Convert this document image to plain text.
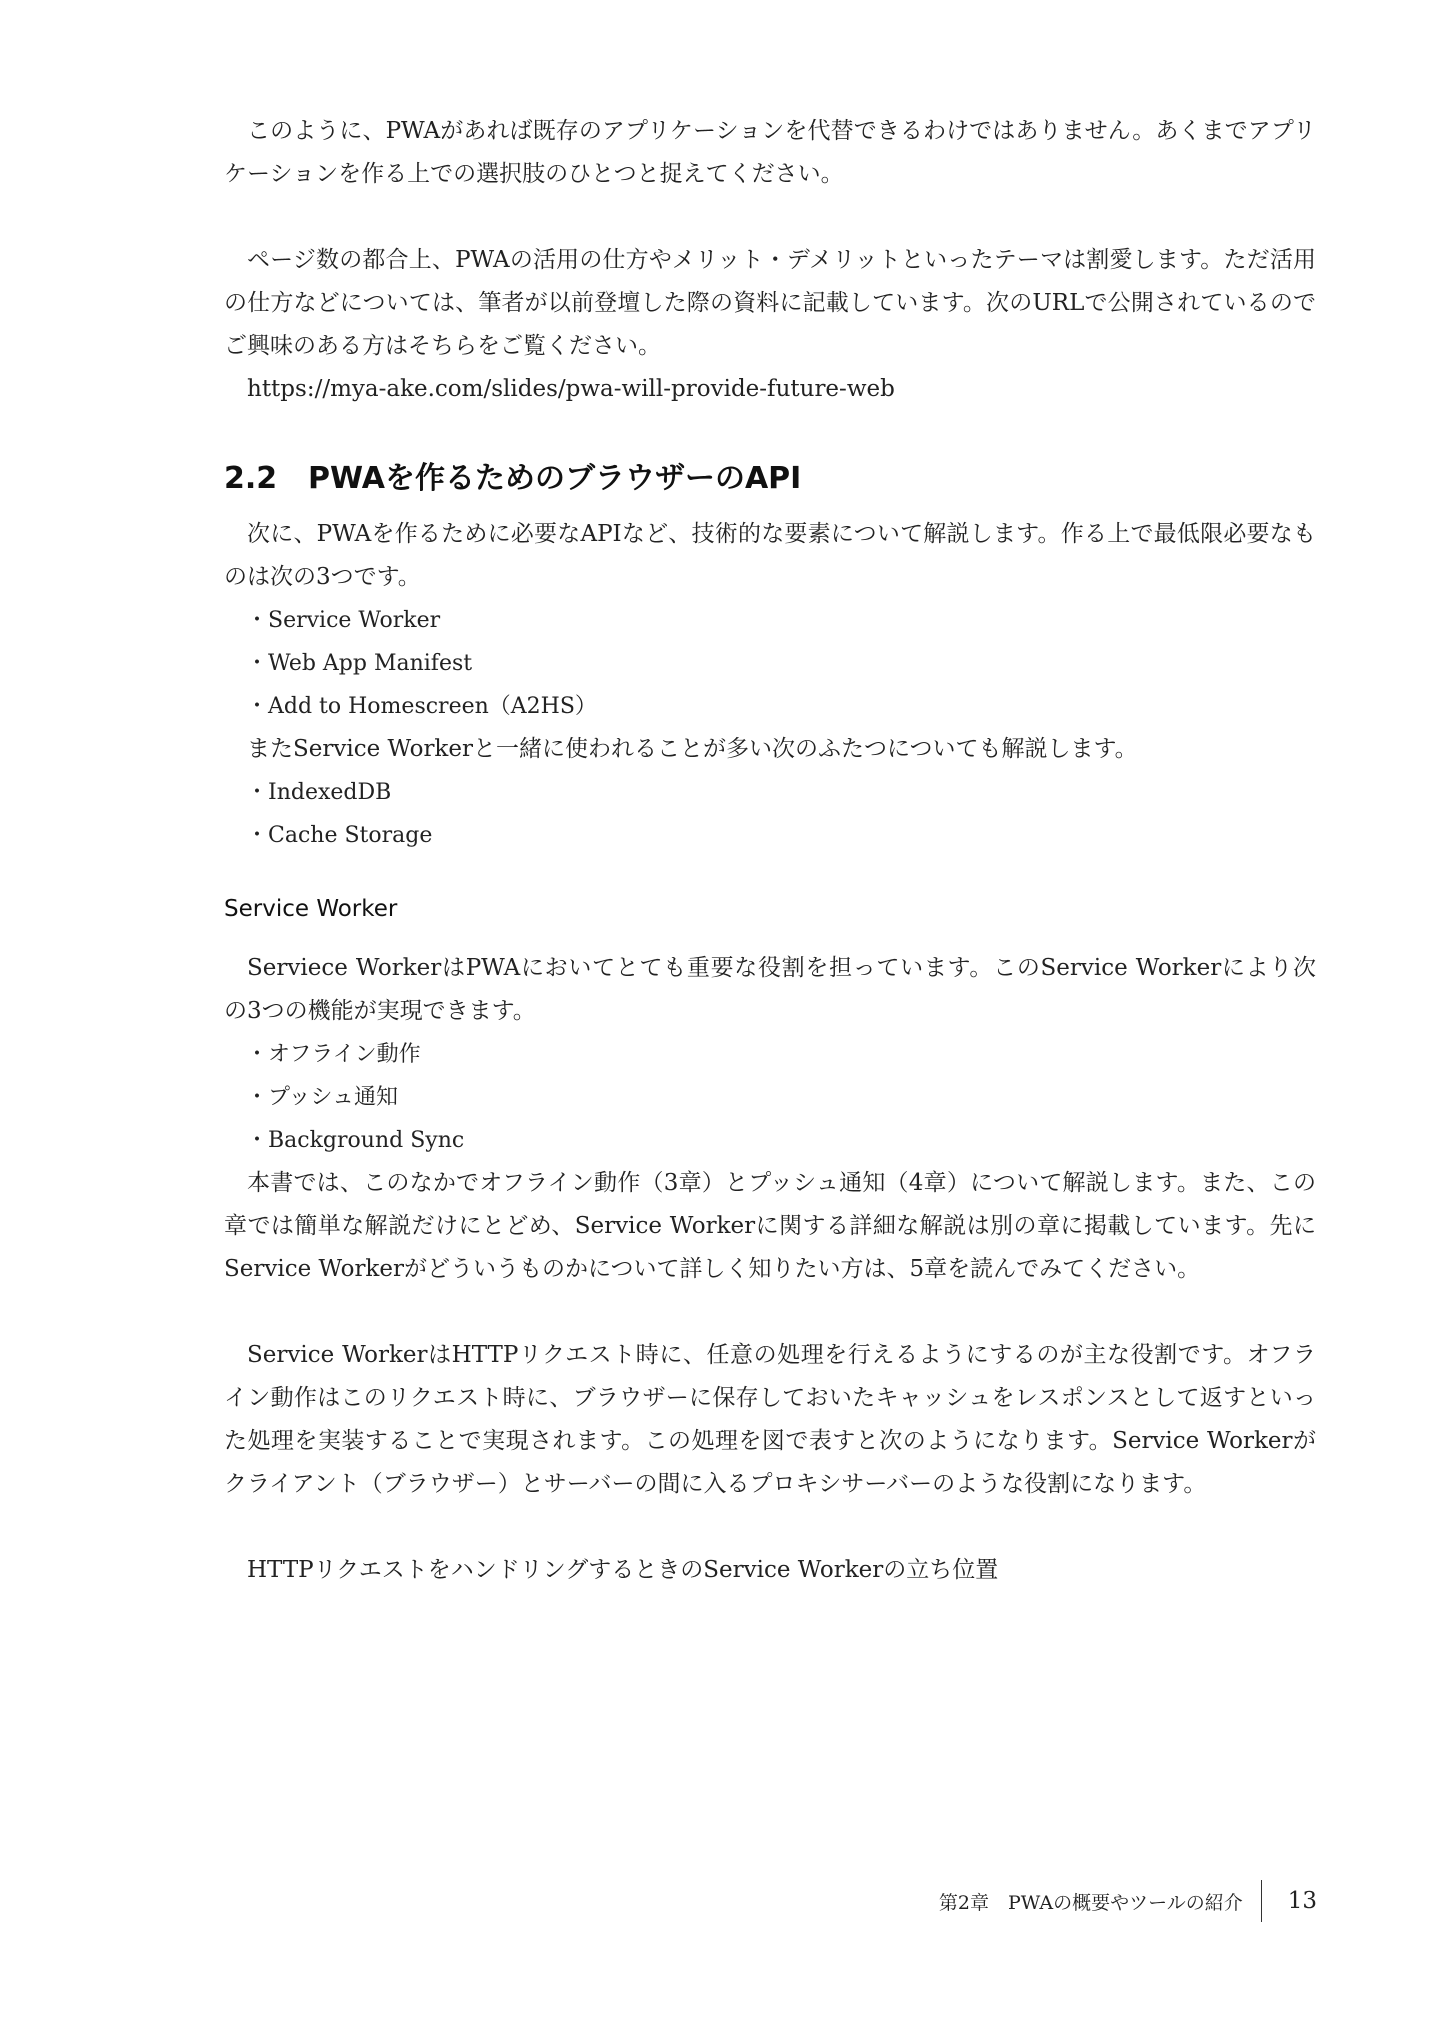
このように、PWAがあれば既存のアプリケーションを代替できるわけではありません。あくまでアプリケーションを作る上での選択肢のひとつと捉えてください。

ページ数の都合上、PWAの活用の仕方やメリット・デメリットといったテーマは割愛します。ただ活用の仕方などについては、筆者が以前登壇した際の資料に記載しています。次のURLで公開されているのでご興味のある方はそちらをご覧ください。

https://mya-ake.com/slides/pwa-will-provide-future-web

2.2 PWAを作るためのブラウザーのAPI

次に、PWAを作るために必要なAPIなど、技術的な要素について解説します。作る上で最低限必要なものは次の3つです。

・Service Worker
・Web App Manifest
・Add to Homescreen（A2HS）

またService Workerと一緒に使われることが多い次のふたつについても解説します。

・IndexedDB
・Cache Storage
Service Worker

Serviece WorkerはPWAにおいてとても重要な役割を担っています。このService Workerにより次の3つの機能が実現できます。

・オフライン動作
・プッシュ通知
・Background Sync

本書では、このなかでオフライン動作（3章）とプッシュ通知（4章）について解説します。また、この章では簡単な解説だけにとどめ、Service Workerに関する詳細な解説は別の章に掲載しています。先にService Workerがどういうものかについて詳しく知りたい方は、5章を読んでみてください。

Service WorkerはHTTPリクエスト時に、任意の処理を行えるようにするのが主な役割です。オフライン動作はこのリクエスト時に、ブラウザーに保存しておいたキャッシュをレスポンスとして返すといった処理を実装することで実現されます。この処理を図で表すと次のようになります。Service Workerがクライアント（ブラウザー）とサーバーの間に入るプロキシサーバーのような役割になります。

HTTPリクエストをハンドリングするときのService Workerの立ち位置

第2章　PWAの概要やツールの紹介 13
